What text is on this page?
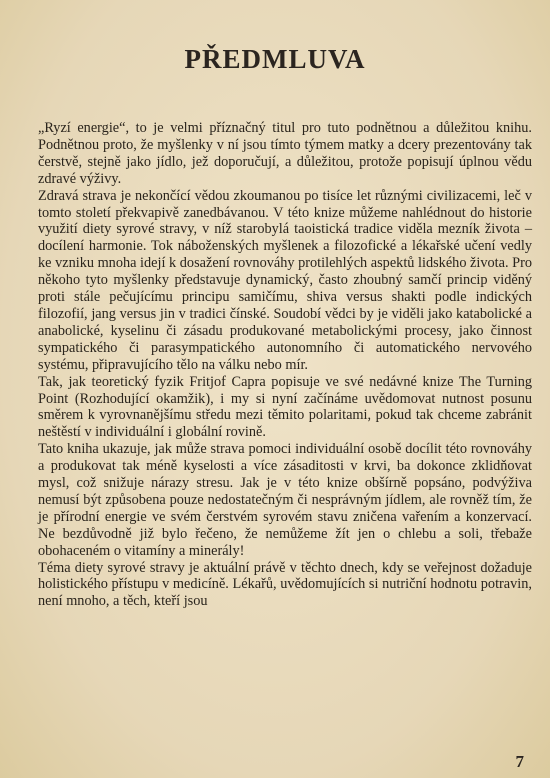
PŘEDMLUVA

„Ryzí energie“, to je velmi příznačný titul pro tuto podnětnou a důležitou knihu. Podnětnou proto, že myšlenky v ní jsou tímto týmem matky a dcery prezentovány tak čerstvě, stejně jako jídlo, jež doporučují, a důležitou, protože popisují úplnou vědu zdravé výživy.

Zdravá strava je nekončící vědou zkoumanou po tisíce let různými civilizacemi, leč v tomto století překvapivě zanedbávanou. V této knize můžeme nahlédnout do historie využití diety syrové stravy, v níž starobylá taoistická tradice viděla mezník života – docílení harmonie. Tok náboženských myšlenek a filozofické a lékařské učení vedly ke vzniku mnoha idejí k dosažení rovnováhy protilehlých aspektů lidského života. Pro někoho tyto myšlenky představuje dynamický, často zhoubný samčí princip viděný proti stále pečujícímu principu samičímu, shiva versus shakti podle indických filozofií, jang versus jin v tradici čínské. Soudobí vědci by je viděli jako katabolické a anabolické, kyselinu či zásadu produkované metabolickými procesy, jako činnost sympatického či parasympatického autonomního či automatického nervového systému, připravujícího tělo na válku nebo mír.

Tak, jak teoretický fyzik Fritjof Capra popisuje ve své nedávné knize The Turning Point (Rozhodující okamžik), i my si nyní začínáme uvědomovat nutnost posunu směrem k vyrovnanějšímu středu mezi těmito polaritami, pokud tak chceme zabránit neštěstí v individuální i globální rovině.

Tato kniha ukazuje, jak může strava pomoci individuální osobě docílit této rovnováhy a produkovat tak méně kyselosti a více zásaditosti v krvi, ba dokonce zklidňovat mysl, což snižuje nárazy stresu. Jak je v této knize obšírně popsáno, podvýživa nemusí být způsobena pouze nedostatečným či nesprávným jídlem, ale rovněž tím, že je přírodní energie ve svém čerstvém syrovém stavu zničena vařením a konzervací. Ne bezdůvodně již bylo řečeno, že nemůžeme žít jen o chlebu a soli, třebaže obohaceném o vitamíny a minerály!

Téma diety syrové stravy je aktuální právě v těchto dnech, kdy se veřejnost dožaduje holistického přístupu v medicíně. Lékařů, uvědomujících si nutriční hodnotu potravin, není mnoho, a těch, kteří jsou

7
